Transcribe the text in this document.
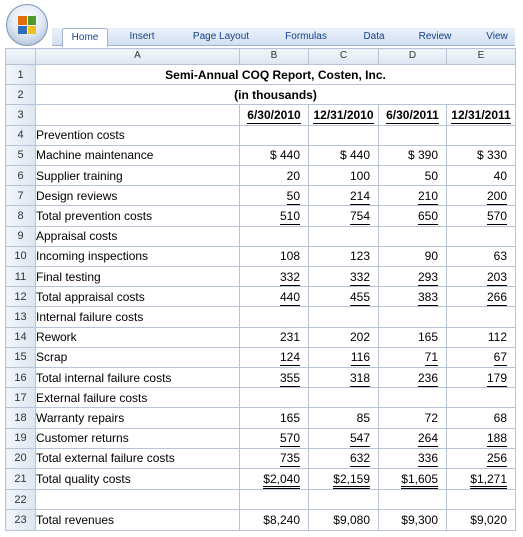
Home	Insert	Page Layout	Formulas	Data	Review	View
	A	B	C	D	E
1	Semi-Annual COQ Report, Costen, Inc.				
2	(in thousands)				
3		6/30/2010	12/31/2010	6/30/2011	12/31/2011
4	Prevention costs				
5	Machine maintenance	$ 440	$ 440	$ 390	$ 330
6	Supplier training	20	100	50	40
7	Design reviews	50	214	210	200
8	Total prevention costs	510	754	650	570
9	Appraisal costs				
10	Incoming inspections	108	123	90	63
11	Final testing	332	332	293	203
12	Total appraisal costs	440	455	383	266
13	Internal failure costs				
14	Rework	231	202	165	112
15	Scrap	124	116	71	67
16	Total internal failure costs	355	318	236	179
17	External failure costs				
18	Warranty repairs	165	85	72	68
19	Customer returns	570	547	264	188
20	Total external failure costs	735	632	336	256
21	Total quality costs	$2,040	$2,159	$1,605	$1,271
22					
23	Total revenues	$8,240	$9,080	$9,300	$9,020
